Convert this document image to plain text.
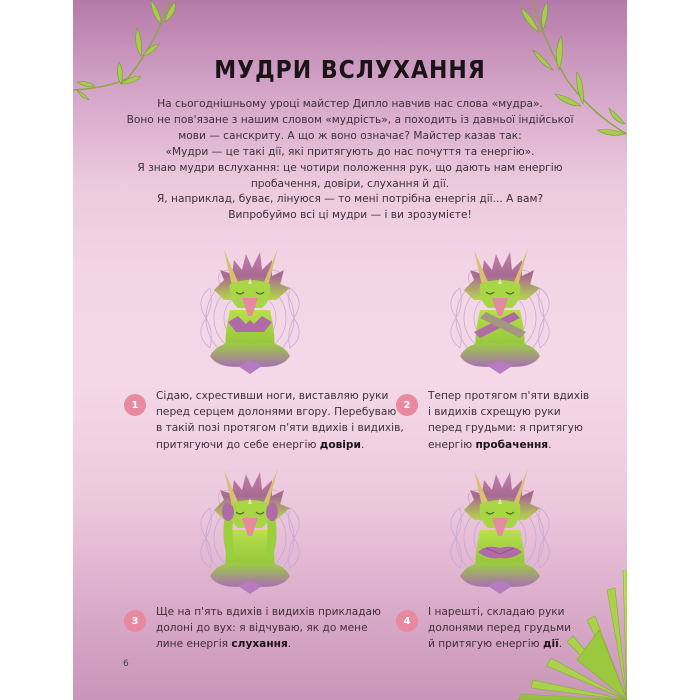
МУДРИ ВСЛУХАННЯ

На сьогоднішньому уроці майстер Дипло навчив нас слова «мудра».

Воно не пов'язане з нашим словом «мудрість», а походить із давньої індійської

мови — санскриту. А що ж воно означає? Майстер казав так:

«Мудри — це такі дії, які притягують до нас почуття та енергію».

Я знаю мудри вслухання: це чотири положення рук, що дають нам енергію

пробачення, довіри, слухання й дії.

Я, наприклад, буває, лінуюся — то мені потрібна енергія дії... А вам?

Випробуймо всі ці мудри — і ви зрозумієте!

1
Сідаю, схрестивши ноги, виставляю руки
перед серцем долонями вгору. Перебуваю
в такій позі протягом п'яти вдихів і видихів,
притягуючи до себе енергію довіри.
2
Тепер протягом п'яти вдихів
і видихів схрещую руки
перед грудьми: я притягую
енергію пробачення.
3
Ще на п'ять вдихів і видихів прикладаю
долоні до вух: я відчуваю, як до мене
лине енергія слухання.
4
І нарешті, складаю руки
долонями перед грудьми
й притягую енергію дії.
6
